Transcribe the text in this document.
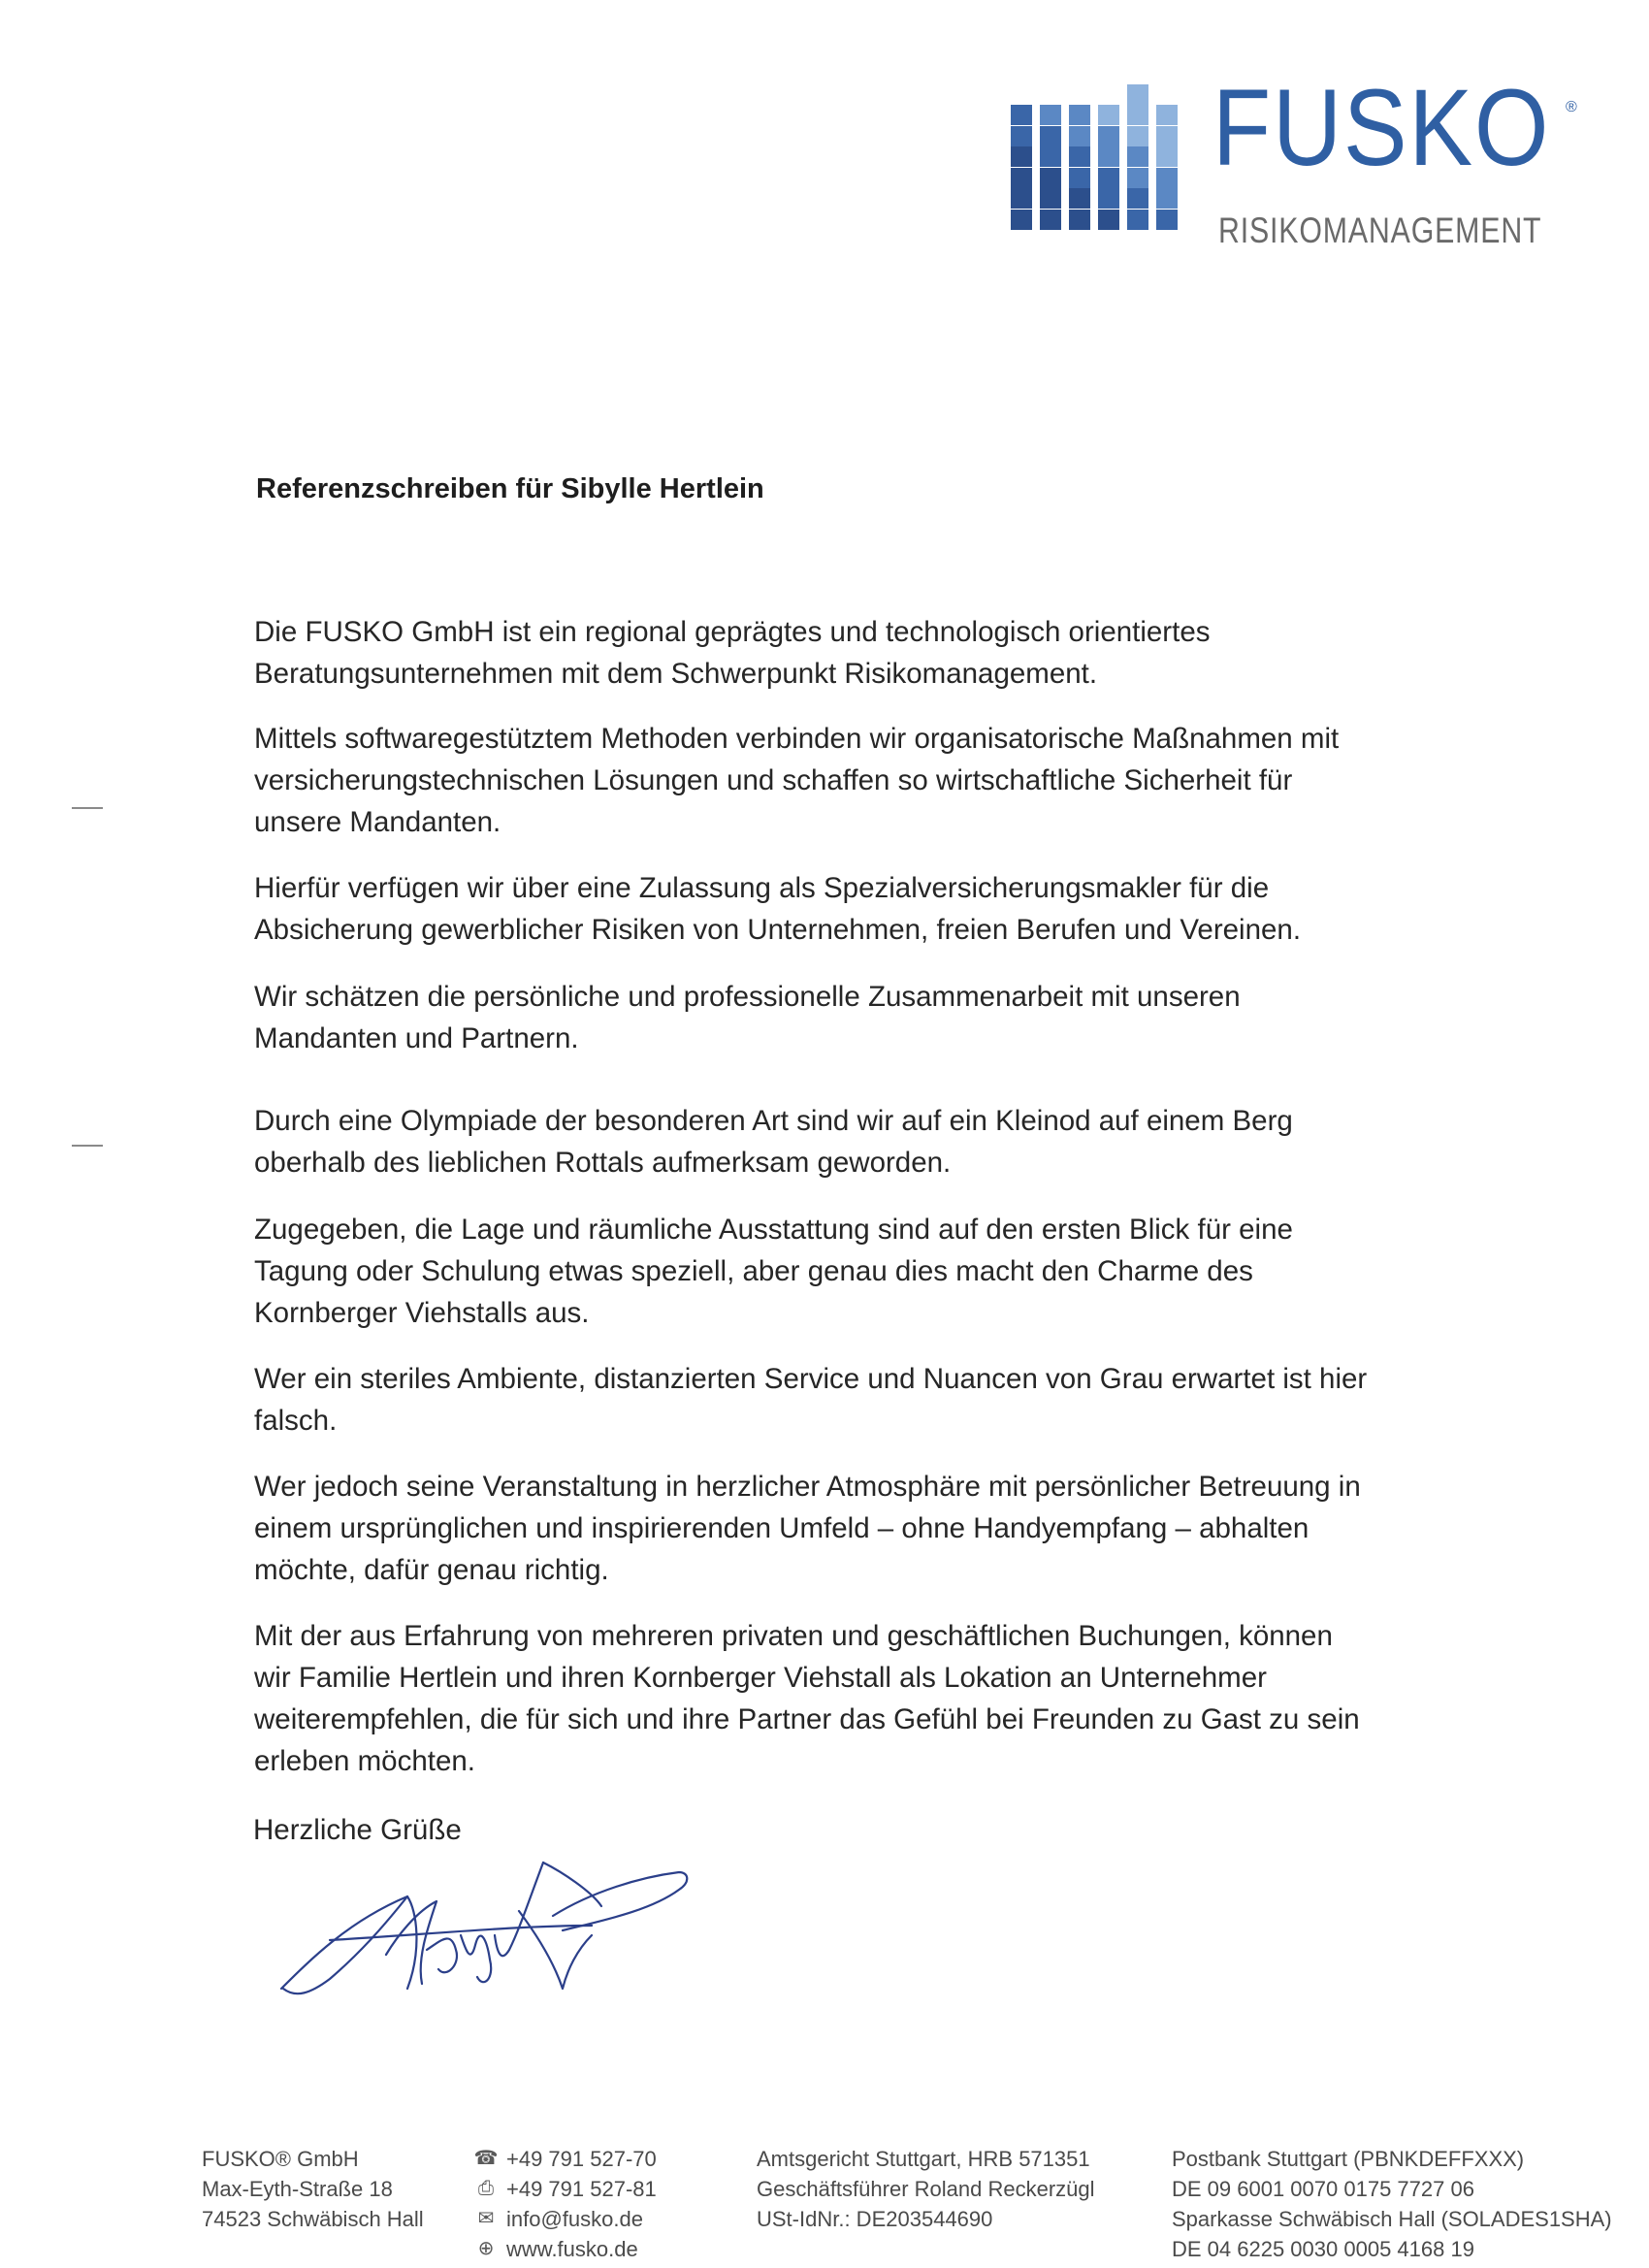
FUSKO ®
RISIKOMANAGEMENT
Referenzschreiben für Sibylle Hertlein

Die FUSKO GmbH ist ein regional geprägtes und technologisch orientiertes
Beratungsunternehmen mit dem Schwerpunkt Risikomanagement.

Mittels softwaregestütztem Methoden verbinden wir organisatorische Maßnahmen mit
versicherungstechnischen Lösungen und schaffen so wirtschaftliche Sicherheit für
unsere Mandanten.

Hierfür verfügen wir über eine Zulassung als Spezialversicherungsmakler für die
Absicherung gewerblicher Risiken von Unternehmen, freien Berufen und Vereinen.

Wir schätzen die persönliche und professionelle Zusammenarbeit mit unseren
Mandanten und Partnern.

Durch eine Olympiade der besonderen Art sind wir auf ein Kleinod auf einem Berg
oberhalb des lieblichen Rottals aufmerksam geworden.

Zugegeben, die Lage und räumliche Ausstattung sind auf den ersten Blick für eine
Tagung oder Schulung etwas speziell, aber genau dies macht den Charme des
Kornberger Viehstalls aus.

Wer ein steriles Ambiente, distanzierten Service und Nuancen von Grau erwartet ist hier
falsch.

Wer jedoch seine Veranstaltung in herzlicher Atmosphäre mit persönlicher Betreuung in
einem ursprünglichen und inspirierenden Umfeld – ohne Handyempfang – abhalten
möchte, dafür genau richtig.

Mit der aus Erfahrung von mehreren privaten und geschäftlichen Buchungen, können
wir Familie Hertlein und ihren Kornberger Viehstall als Lokation an Unternehmer
weiterempfehlen, die für sich und ihre Partner das Gefühl bei Freunden zu Gast zu sein
erleben möchten.

Herzliche Grüße
FUSKO® GmbH
Max-Eyth-Straße 18
74523 Schwäbisch Hall
☎ +49 791 527-70
⎙ +49 791 527-81
✉ info@fusko.de
⊕ www.fusko.de
Amtsgericht Stuttgart, HRB 571351
Geschäftsführer Roland Reckerzügl
USt-IdNr.: DE203544690
Postbank Stuttgart (PBNKDEFFXXX)
DE 09 6001 0070 0175 7727 06
Sparkasse Schwäbisch Hall (SOLADES1SHA)
DE 04 6225 0030 0005 4168 19
